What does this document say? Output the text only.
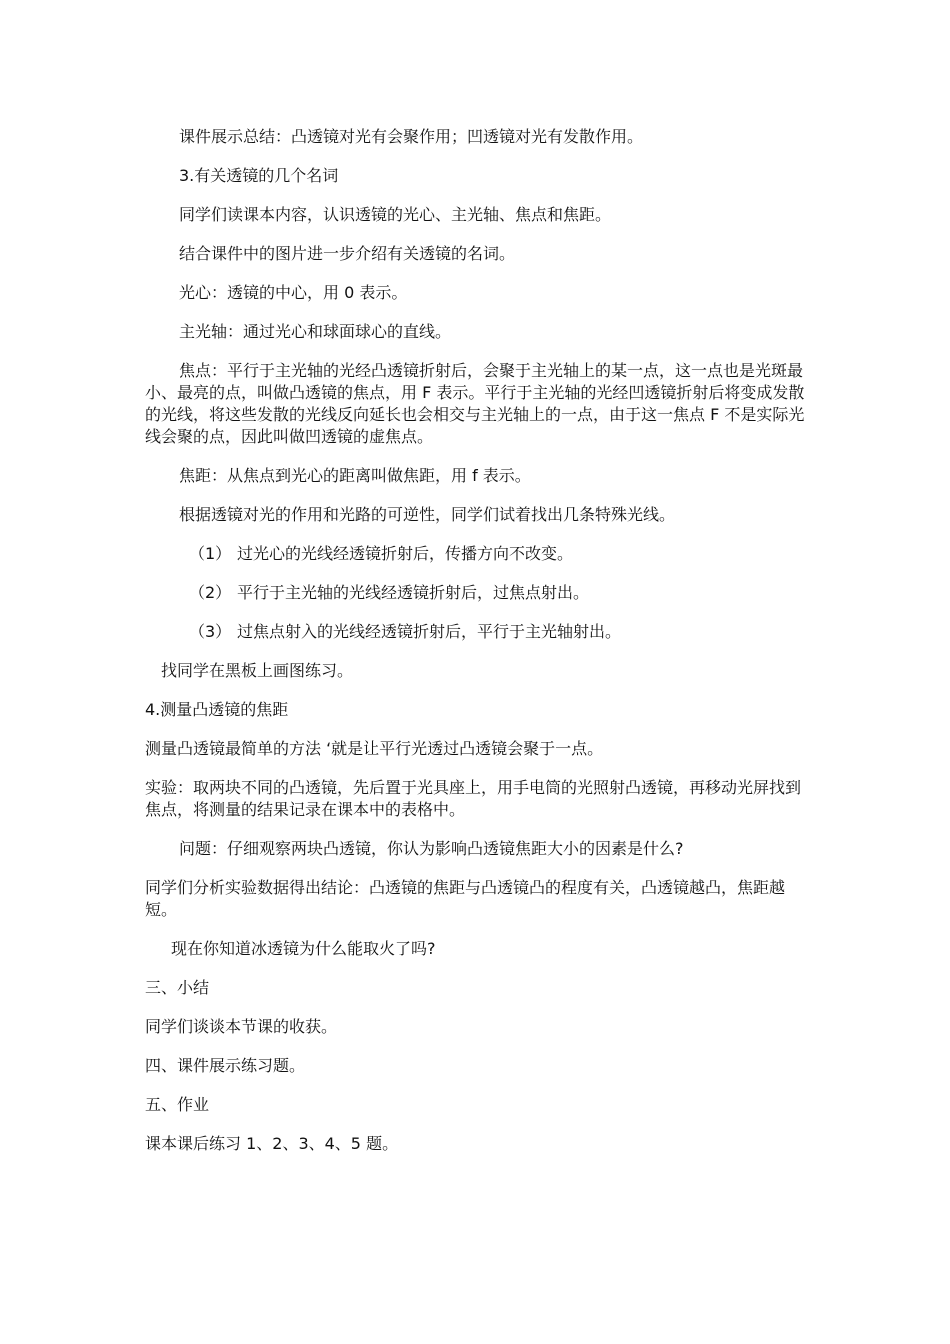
课件展示总结：凸透镜对光有会聚作用；凹透镜对光有发散作用。

3.有关透镜的几个名词

同学们读课本内容，认识透镜的光心、主光轴、焦点和焦距。

结合课件中的图片进一步介绍有关透镜的名词。

光心：透镜的中心，用 0 表示。

主光轴：通过光心和球面球心的直线。

焦点：平行于主光轴的光经凸透镜折射后，会聚于主光轴上的某一点，这一点也是光斑最小、最亮的点，叫做凸透镜的焦点，用 F 表示。平行于主光轴的光经凹透镜折射后将变成发散的光线，将这些发散的光线反向延长也会相交与主光轴上的一点，由于这一焦点 F 不是实际光线会聚的点，因此叫做凹透镜的虚焦点。

焦距：从焦点到光心的距离叫做焦距，用 f 表示。

根据透镜对光的作用和光路的可逆性，同学们试着找出几条特殊光线。

（1） 过光心的光线经透镜折射后，传播方向不改变。

（2） 平行于主光轴的光线经透镜折射后，过焦点射出。

（3） 过焦点射入的光线经透镜折射后，平行于主光轴射出。

找同学在黑板上画图练习。

4.测量凸透镜的焦距

测量凸透镜最简单的方法 ‘就是让平行光透过凸透镜会聚于一点。

实验：取两块不同的凸透镜，先后置于光具座上，用手电筒的光照射凸透镜，再移动光屏找到焦点，将测量的结果记录在课本中的表格中。

问题：仔细观察两块凸透镜，你认为影响凸透镜焦距大小的因素是什么?

同学们分析实验数据得出结论：凸透镜的焦距与凸透镜凸的程度有关，凸透镜越凸，焦距越短。

现在你知道冰透镜为什么能取火了吗?

三、小结

同学们谈谈本节课的收获。

四、课件展示练习题。

五、作业

课本课后练习 1、2、3、4、5 题。
